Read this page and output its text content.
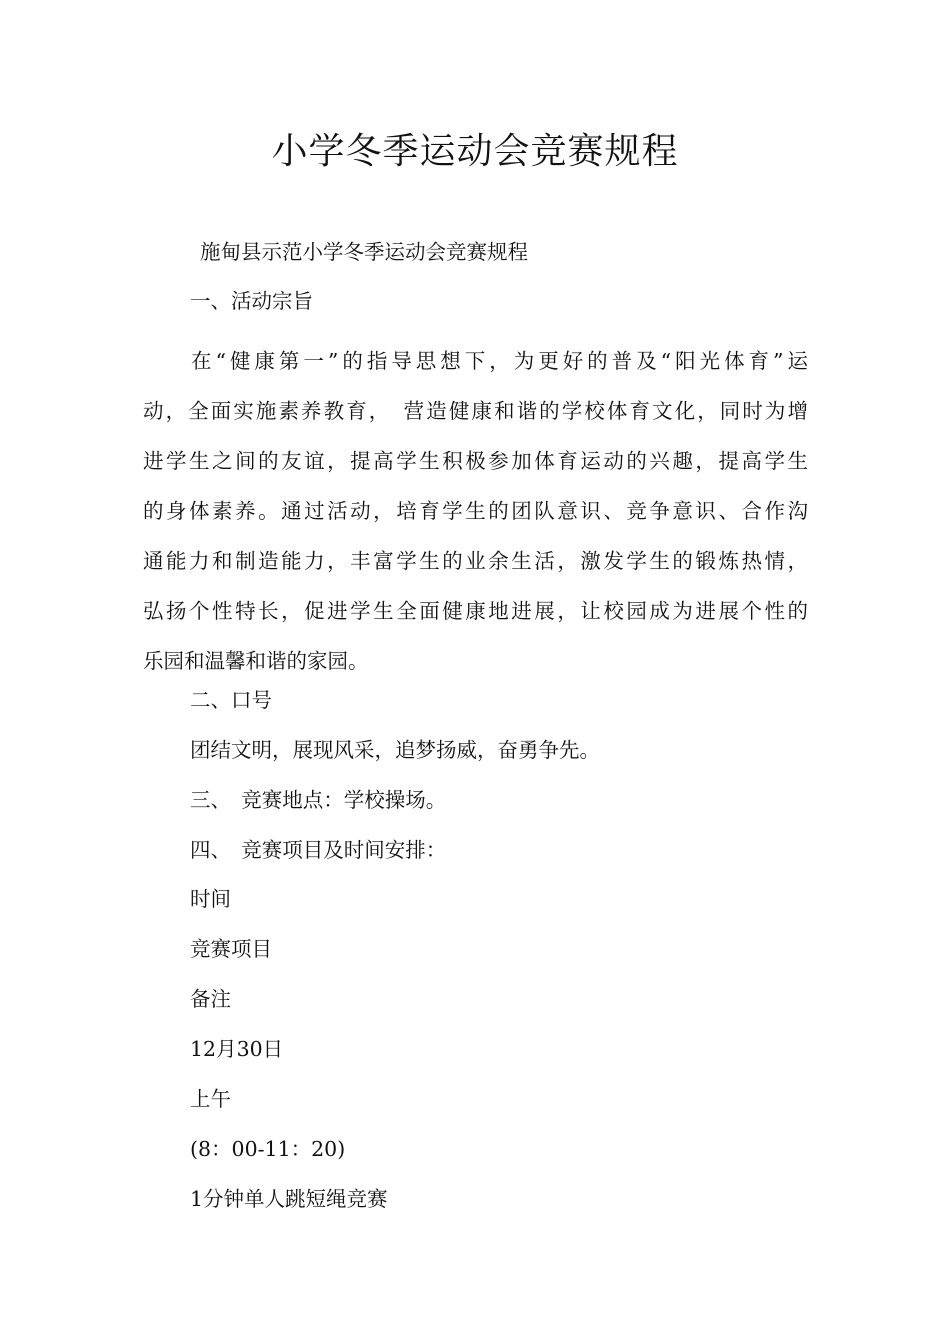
小学冬季运动会竞赛规程

施甸县示范小学冬季运动会竞赛规程

一、活动宗旨

在“健康第一”的指导思想下，为更好的普及“阳光体育”运
动，全面实施素养教育，　营造健康和谐的学校体育文化，同时为增
进学生之间的友谊，提高学生积极参加体育运动的兴趣，提高学生
的身体素养。通过活动，培育学生的团队意识、竞争意识、合作沟
通能力和制造能力，丰富学生的业余生活，激发学生的锻炼热情，
弘扬个性特长，促进学生全面健康地进展，让校园成为进展个性的
乐园和温馨和谐的家园。

二、口号

团结文明，展现风采，追梦扬威，奋勇争先。

三、　竞赛地点：学校操场。

四、　竞赛项目及时间安排：

时间

竞赛项目

备注

12月30日

上午

(8：00-11：20)

1分钟单人跳短绳竞赛
